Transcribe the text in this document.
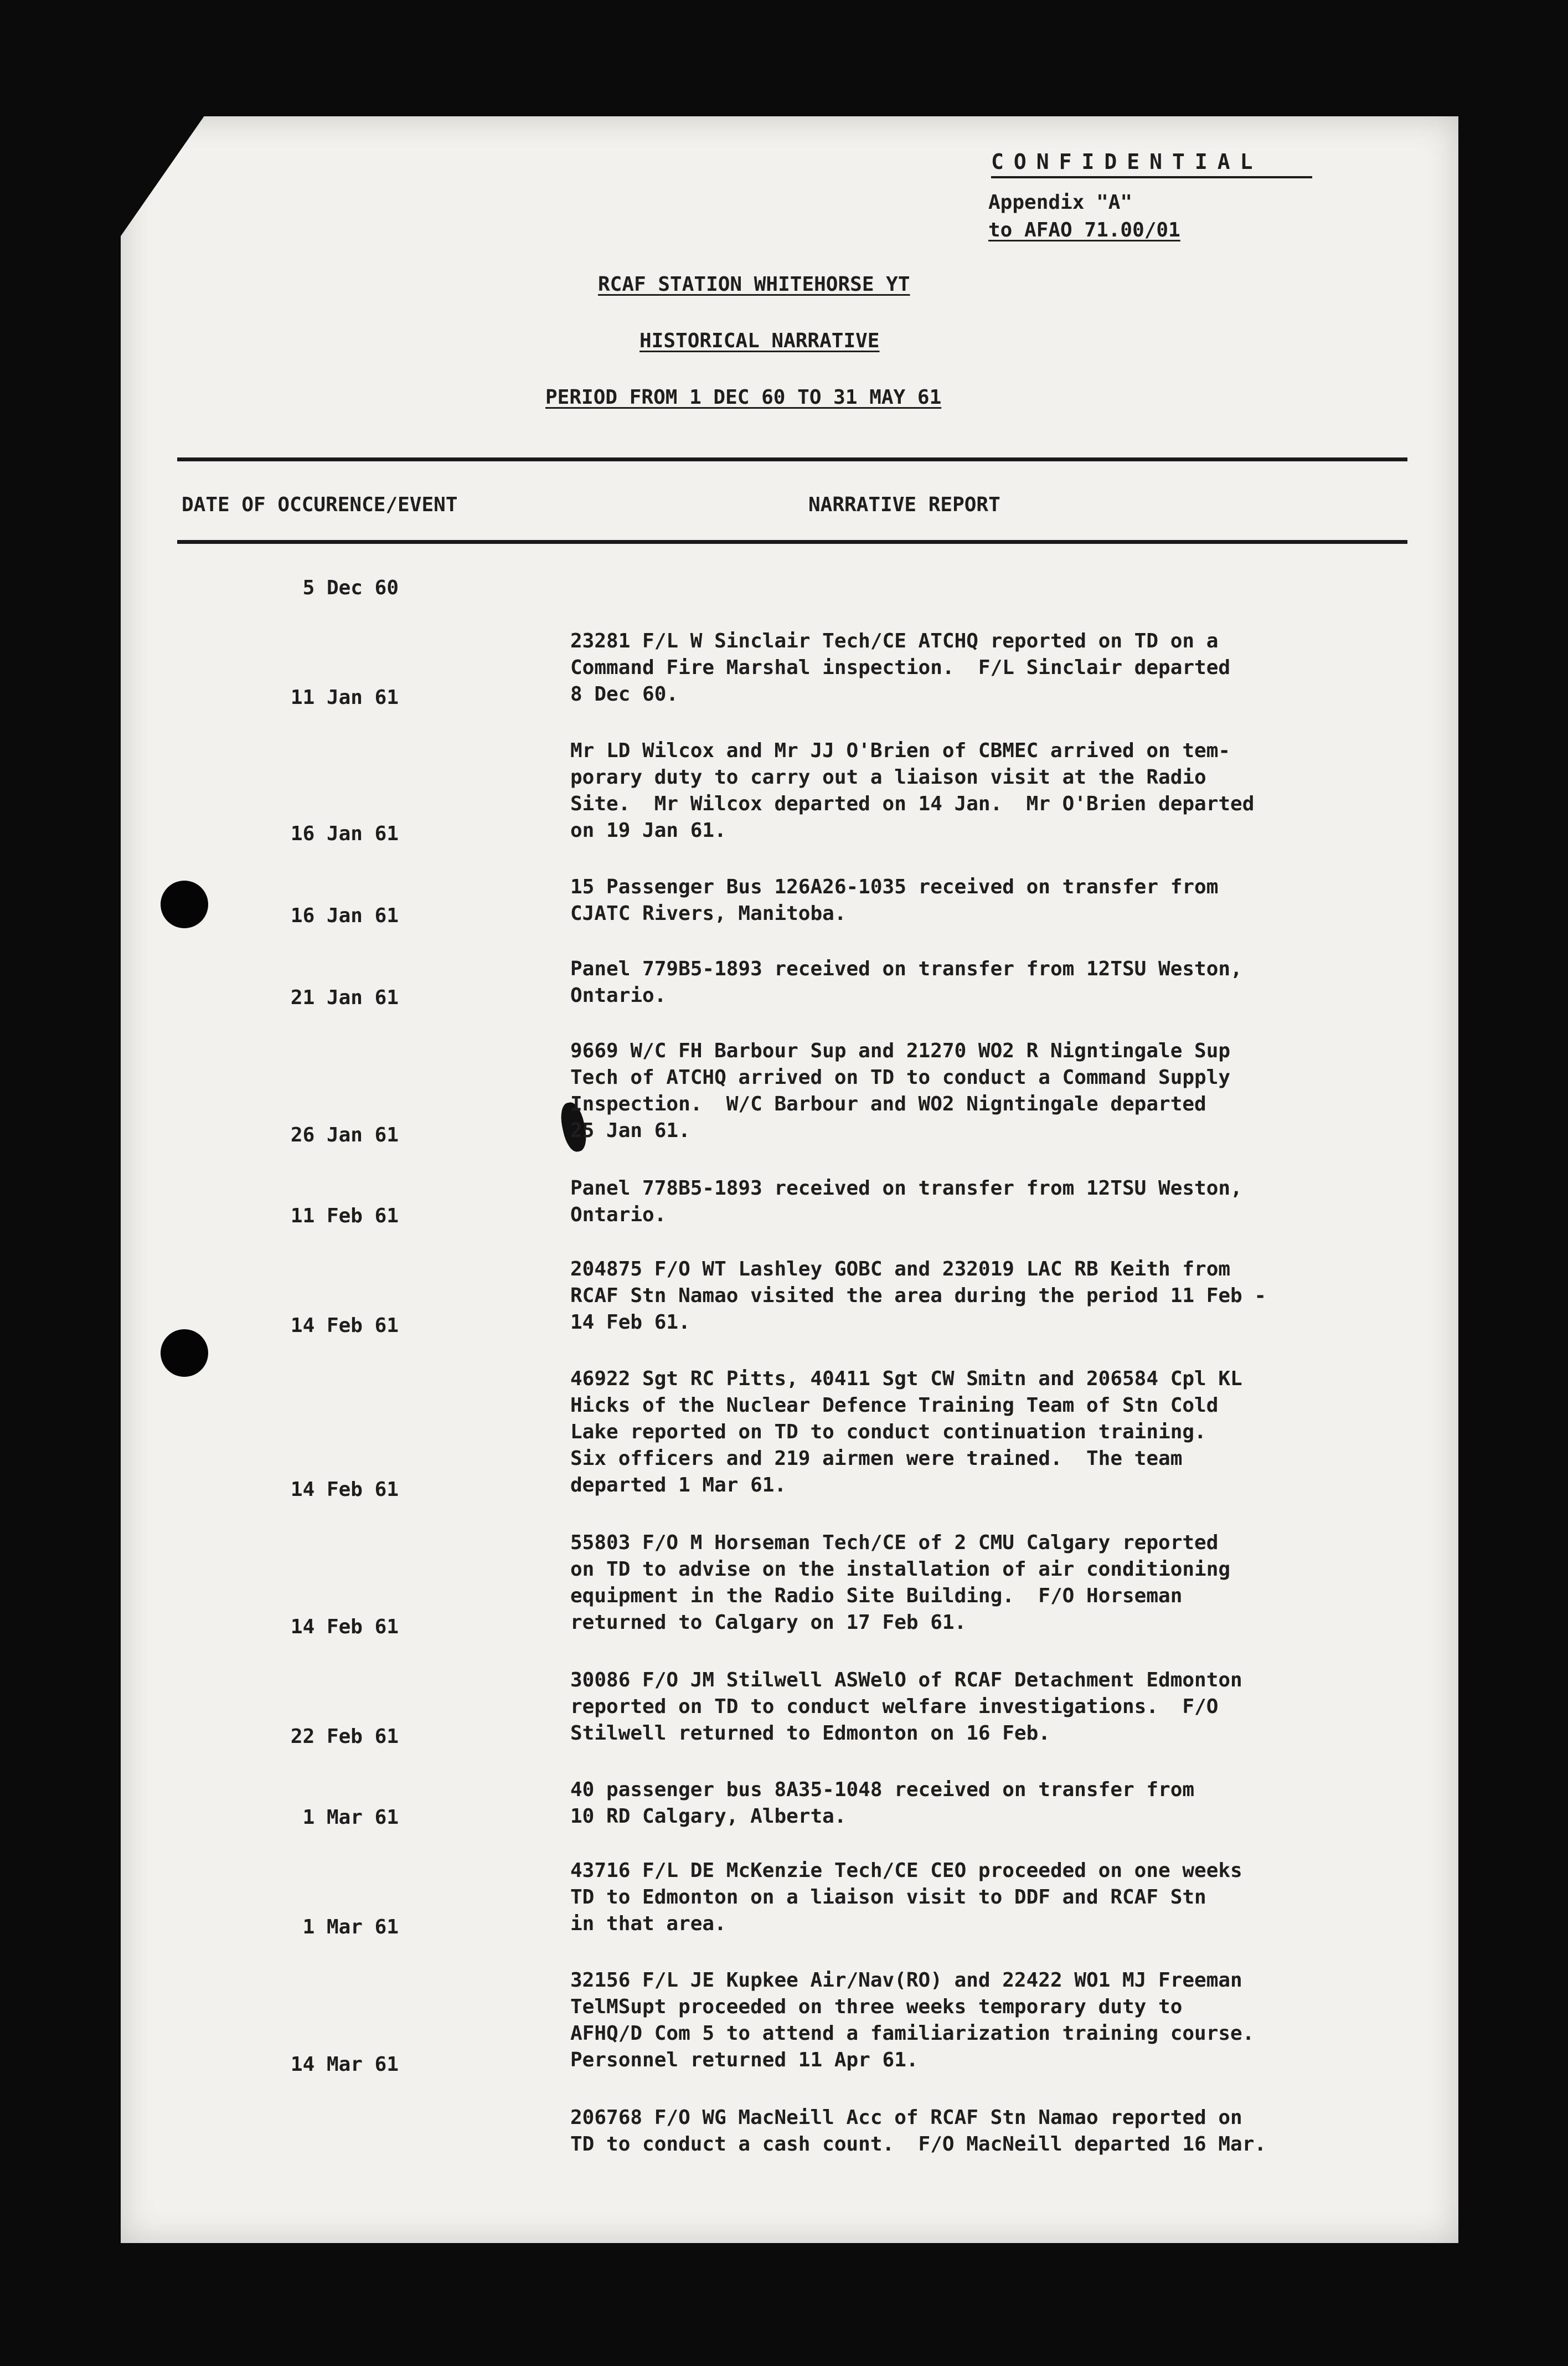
CONFIDENTIAL
Appendix "A"
to AFAO 71.00/01
RCAF STATION WHITEHORSE YT
HISTORICAL NARRATIVE
PERIOD FROM 1 DEC 60 TO 31 MAY 61
DATE OF OCCURENCE/EVENT	NARRATIVE REPORT
5 Dec 60

23281 F/L W Sinclair Tech/CE ATCHQ reported on TD on a
Command Fire Marshal inspection.  F/L Sinclair departed
8 Dec 60.

11 Jan 61

Mr LD Wilcox and Mr JJ O'Brien of CBMEC arrived on tem-
porary duty to carry out a liaison visit at the Radio
Site.  Mr Wilcox departed on 14 Jan.  Mr O'Brien departed
on 19 Jan 61.

16 Jan 61

15 Passenger Bus 126A26-1035 received on transfer from
CJATC Rivers, Manitoba.

16 Jan 61

Panel 779B5-1893 received on transfer from 12TSU Weston,
Ontario.

21 Jan 61

9669 W/C FH Barbour Sup and 21270 WO2 R Nigntingale Sup
Tech of ATCHQ arrived on TD to conduct a Command Supply
Inspection.  W/C Barbour and WO2 Nigntingale departed
25 Jan 61.

26 Jan 61

Panel 778B5-1893 received on transfer from 12TSU Weston,
Ontario.

11 Feb 61

204875 F/O WT Lashley GOBC and 232019 LAC RB Keith from
RCAF Stn Namao visited the area during the period 11 Feb -
14 Feb 61.

14 Feb 61

46922 Sgt RC Pitts, 40411 Sgt CW Smitn and 206584 Cpl KL
Hicks of the Nuclear Defence Training Team of Stn Cold
Lake reported on TD to conduct continuation training.
Six officers and 219 airmen were trained.  The team
departed 1 Mar 61.

14 Feb 61

55803 F/O M Horseman Tech/CE of 2 CMU Calgary reported
on TD to advise on the installation of air conditioning
equipment in the Radio Site Building.  F/O Horseman
returned to Calgary on 17 Feb 61.

14 Feb 61

30086 F/O JM Stilwell ASWelO of RCAF Detachment Edmonton
reported on TD to conduct welfare investigations.  F/O
Stilwell returned to Edmonton on 16 Feb.

22 Feb 61

40 passenger bus 8A35-1048 received on transfer from
10 RD Calgary, Alberta.

1 Mar 61

43716 F/L DE McKenzie Tech/CE CEO proceeded on one weeks
TD to Edmonton on a liaison visit to DDF and RCAF Stn
in that area.

1 Mar 61

32156 F/L JE Kupkee Air/Nav(RO) and 22422 WO1 MJ Freeman
TelMSupt proceeded on three weeks temporary duty to
AFHQ/D Com 5 to attend a familiarization training course.
Personnel returned 11 Apr 61.

14 Mar 61

206768 F/O WG MacNeill Acc of RCAF Stn Namao reported on
TD to conduct a cash count.  F/O MacNeill departed 16 Mar.
